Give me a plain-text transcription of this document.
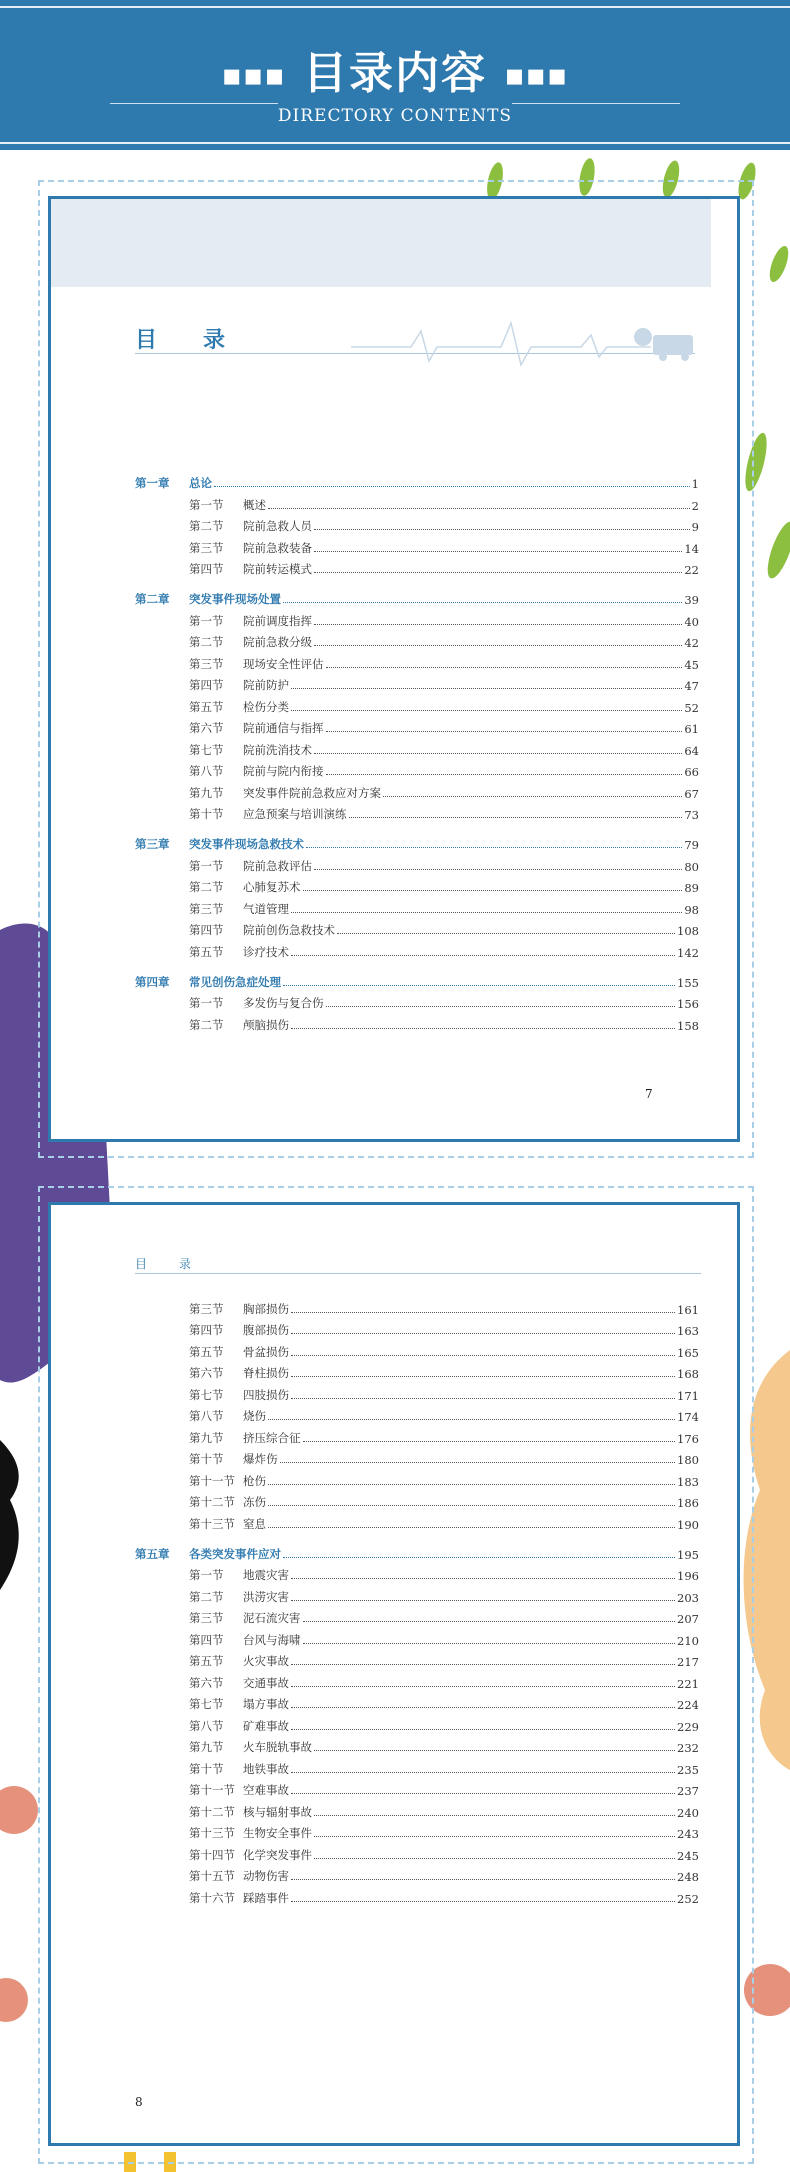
▪▪▪ 目录内容 ▪▪▪
DIRECTORY CONTENTS
目　录
第一章	总论	1
第一节	概述	2
第二节	院前急救人员	9
第三节	院前急救装备	14
第四节	院前转运模式	22
第二章	突发事件现场处置	39
第一节	院前调度指挥	40
第二节	院前急救分级	42
第三节	现场安全性评估	45
第四节	院前防护	47
第五节	检伤分类	52
第六节	院前通信与指挥	61
第七节	院前洗消技术	64
第八节	院前与院内衔接	66
第九节	突发事件院前急救应对方案	67
第十节	应急预案与培训演练	73
第三章	突发事件现场急救技术	79
第一节	院前急救评估	80
第二节	心肺复苏术	89
第三节	气道管理	98
第四节	院前创伤急救技术	108
第五节	诊疗技术	142
第四章	常见创伤急症处理	155
第一节	多发伤与复合伤	156
第二节	颅脑损伤	158
7
目　录
第三节	胸部损伤	161
第四节	腹部损伤	163
第五节	骨盆损伤	165
第六节	脊柱损伤	168
第七节	四肢损伤	171
第八节	烧伤	174
第九节	挤压综合征	176
第十节	爆炸伤	180
第十一节 枪伤	183
第十二节 冻伤	186
第十三节 窒息	190
第五章	各类突发事件应对	195
第一节	地震灾害	196
第二节	洪涝灾害	203
第三节	泥石流灾害	207
第四节	台风与海啸	210
第五节	火灾事故	217
第六节	交通事故	221
第七节	塌方事故	224
第八节	矿难事故	229
第九节	火车脱轨事故	232
第十节	地铁事故	235
第十一节 空难事故	237
第十二节 核与辐射事故	240
第十三节 生物安全事件	243
第十四节 化学突发事件	245
第十五节 动物伤害	248
第十六节 踩踏事件	252
8
